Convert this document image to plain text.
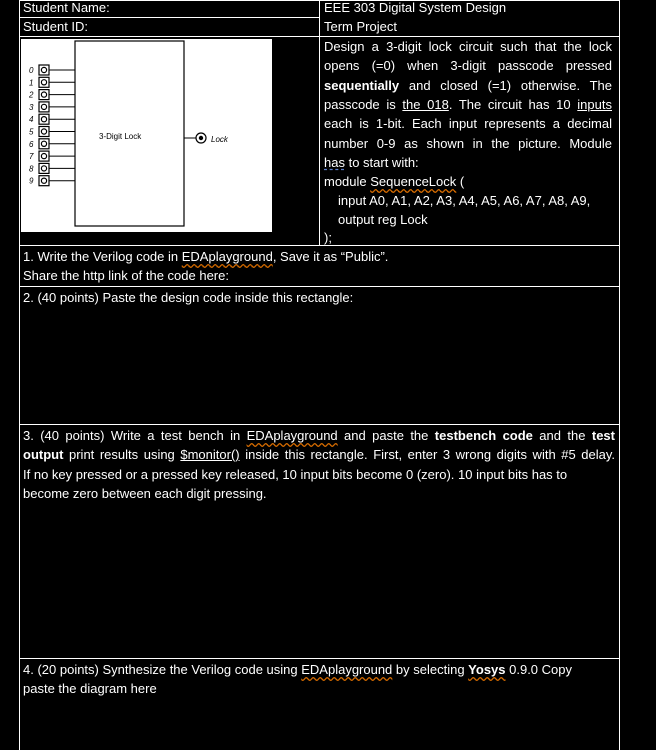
Student Name:
Student ID:
EEE 303 Digital System Design
Term Project
3-Digit Lock	Lock
0
1
2
3
4
5
6
7
8
9
Design a 3-digit lock circuit such that the lock
opens (=0) when 3-digit passcode pressed
sequentially and closed (=1) otherwise. The
passcode is the 018. The circuit has 10 inputs
each is 1-bit. Each input represents a decimal
number 0-9 as shown in the picture. Module
has to start with:
module SequenceLock (
input A0, A1, A2, A3, A4, A5, A6, A7, A8, A9,
output reg Lock
);
1. Write the Verilog code in EDAplayground, Save it as “Public”.
Share the http link of the code here:
2. (40 points) Paste the design code inside this rectangle:
3. (40 points) Write a test bench in EDAplayground and paste the testbench code and the test
output print results using $monitor() inside this rectangle. First, enter 3 wrong digits with #5 delay.
If no key pressed or a pressed key released, 10 input bits become 0 (zero). 10 input bits has to
become zero between each digit pressing.
4. (20 points) Synthesize the Verilog code using EDAplayground by selecting Yosys 0.9.0 Copy
paste the diagram here
